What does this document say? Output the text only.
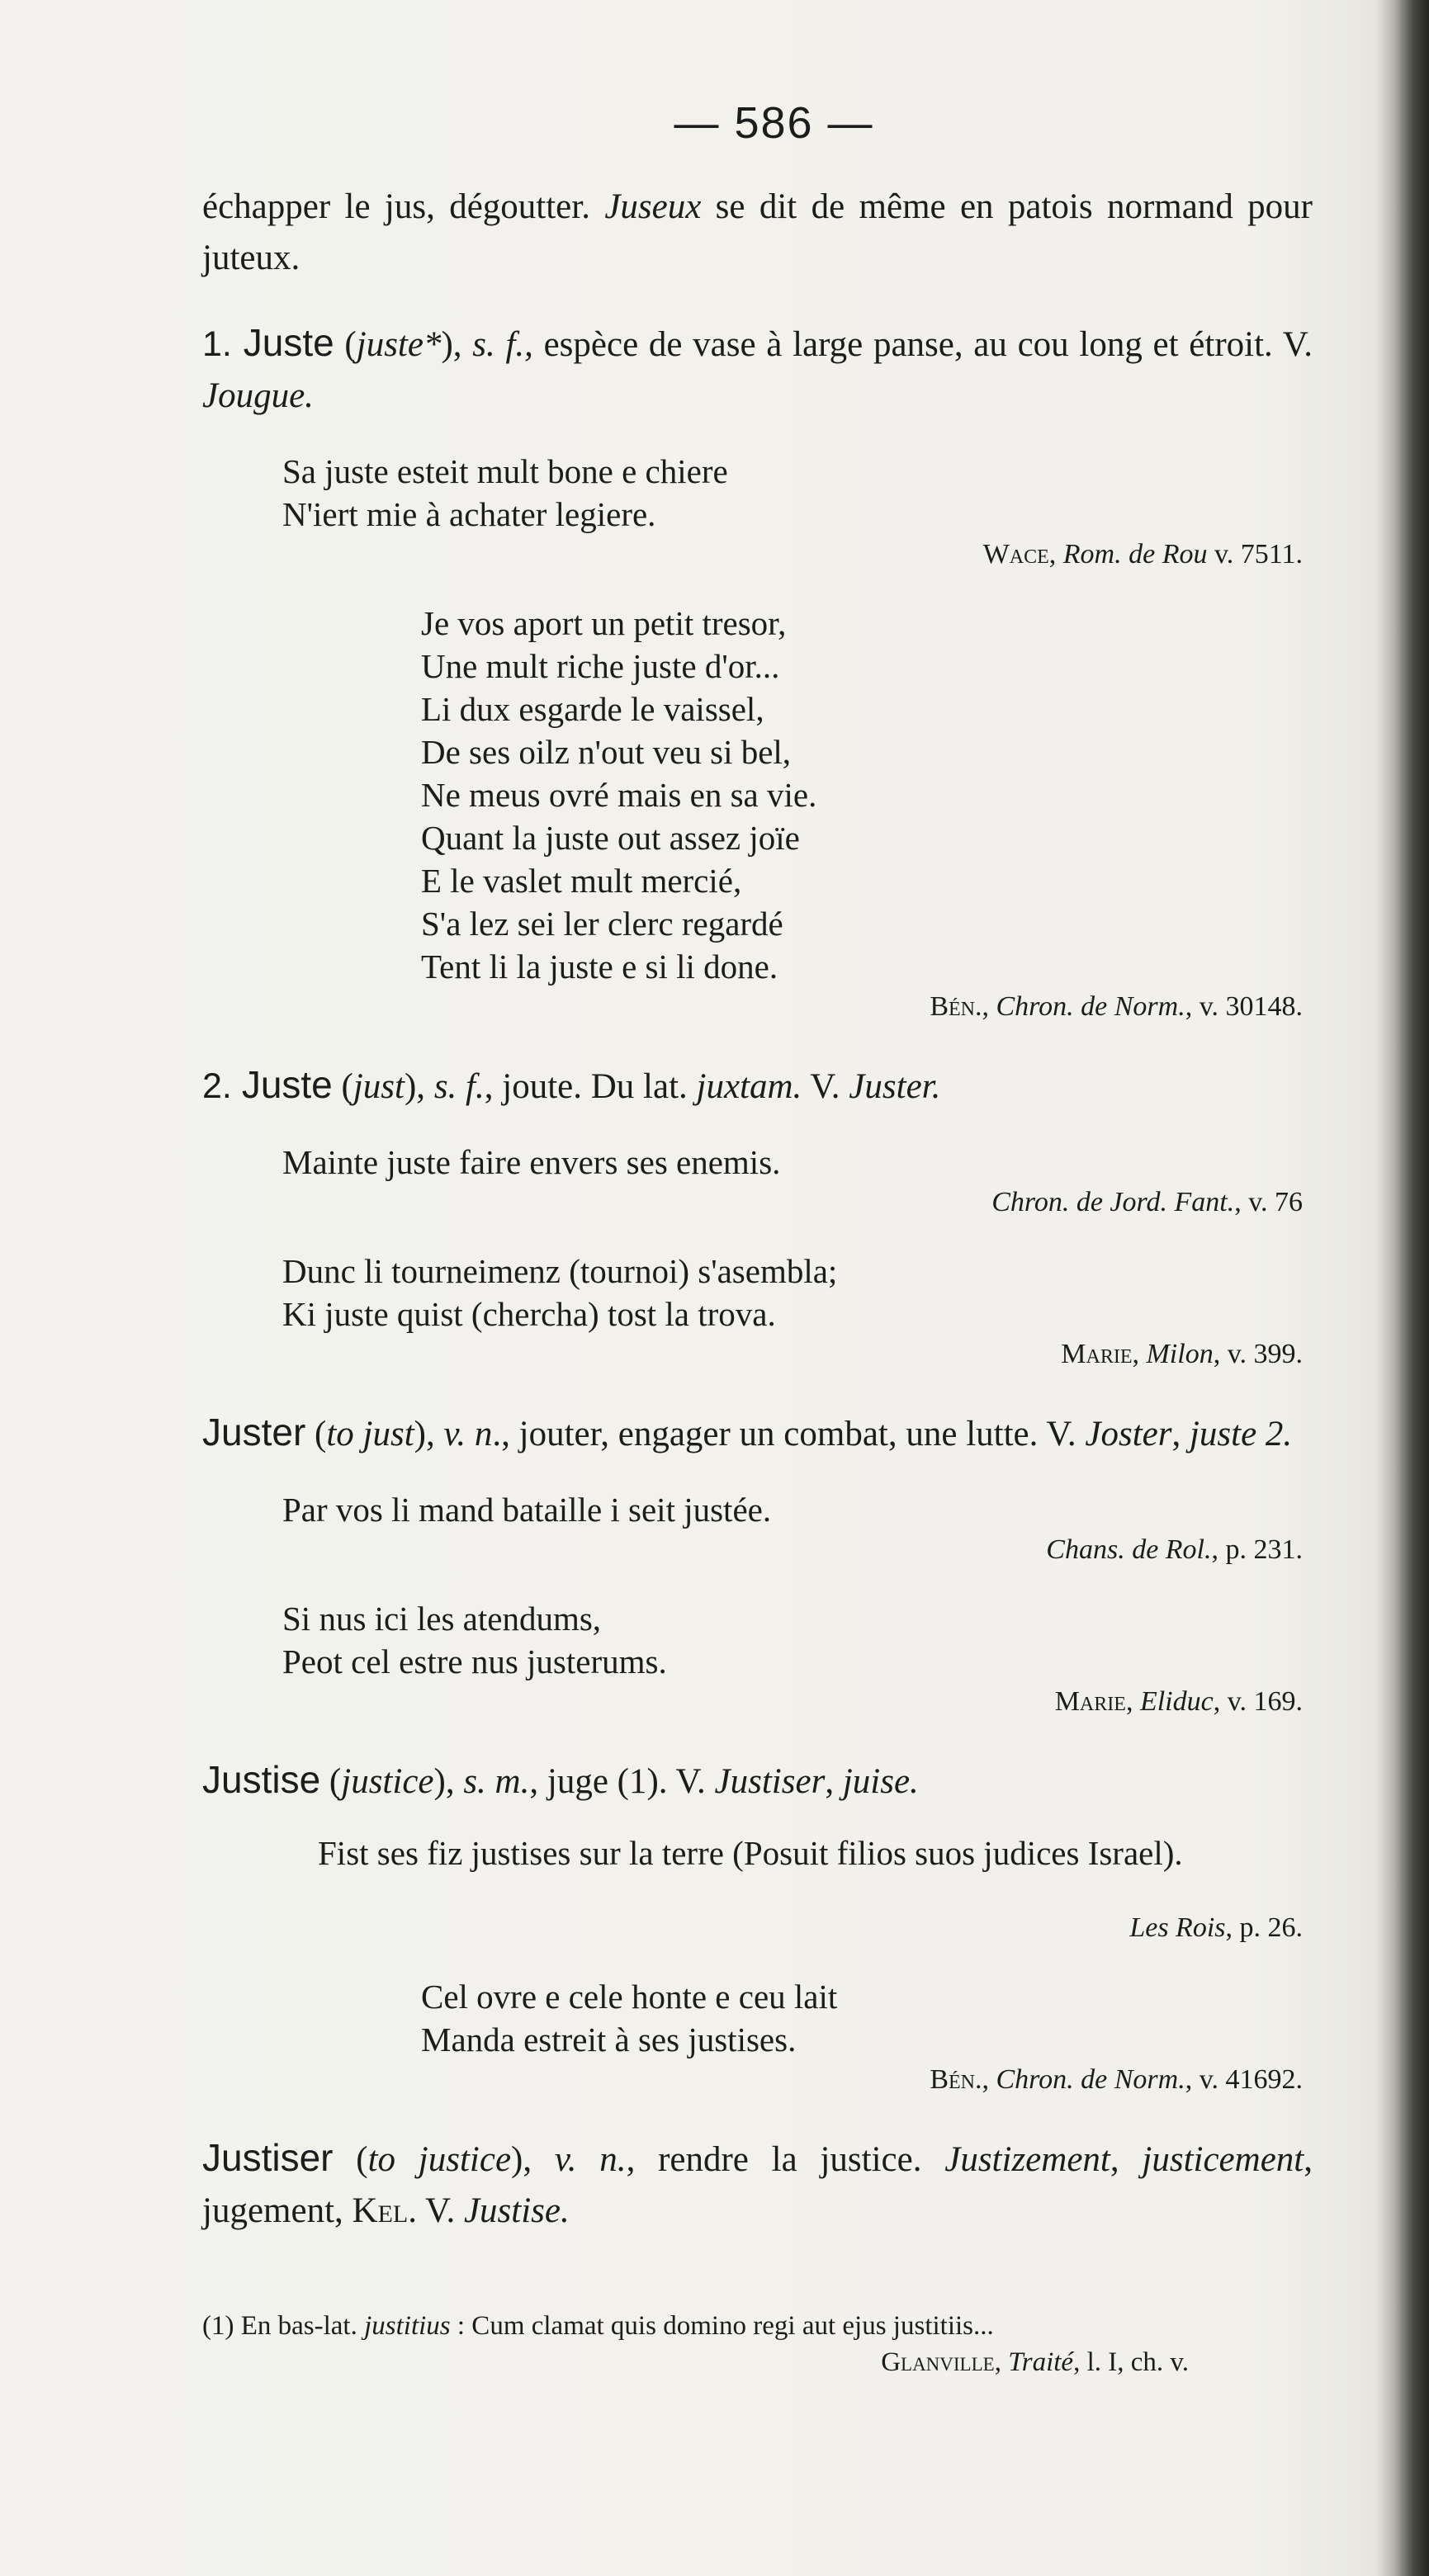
— 586 —

échapper le jus, dégoutter. Juseux se dit de même en patois normand pour juteux.

1. Juste (juste*), s. f., espèce de vase à large panse, au cou long et étroit. V. Jougue.

Sa juste esteit mult bone e chiere
N'iert mie à achater legiere.
Wace, Rom. de Rou v. 7511.
Je vos aport un petit tresor,
Une mult riche juste d'or...
Li dux esgarde le vaissel,
De ses oilz n'out veu si bel,
Ne meus ovré mais en sa vie.
Quant la juste out assez joïe
E le vaslet mult mercié,
S'a lez sei ler clerc regardé
Tent li la juste e si li done.
Bén., Chron. de Norm., v. 30148.

2. Juste (just), s. f., joute. Du lat. juxtam. V. Juster.

Mainte juste faire envers ses enemis.
Chron. de Jord. Fant., v. 76
Dunc li tourneimenz (tournoi) s'asembla;
Ki juste quist (chercha) tost la trova.
Marie, Milon, v. 399.

Juster (to just), v. n., jouter, engager un combat, une lutte. V. Joster, juste 2.

Par vos li mand bataille i seit justée.
Chans. de Rol., p. 231.
Si nus ici les atendums,
Peot cel estre nus justerums.
Marie, Eliduc, v. 169.

Justise (justice), s. m., juge (1). V. Justiser, juise.

Fist ses fiz justises sur la terre (Posuit filios suos judices Israel).

Les Rois, p. 26.
Cel ovre e cele honte e ceu lait
Manda estreit à ses justises.
Bén., Chron. de Norm., v. 41692.

Justiser (to justice), v. n., rendre la justice. Justizement, justicement, jugement, Kel. V. Justise.

(1) En bas-lat. justitius : Cum clamat quis domino regi aut ejus justitiis...
Glanville, Traité, l. I, ch. v.
